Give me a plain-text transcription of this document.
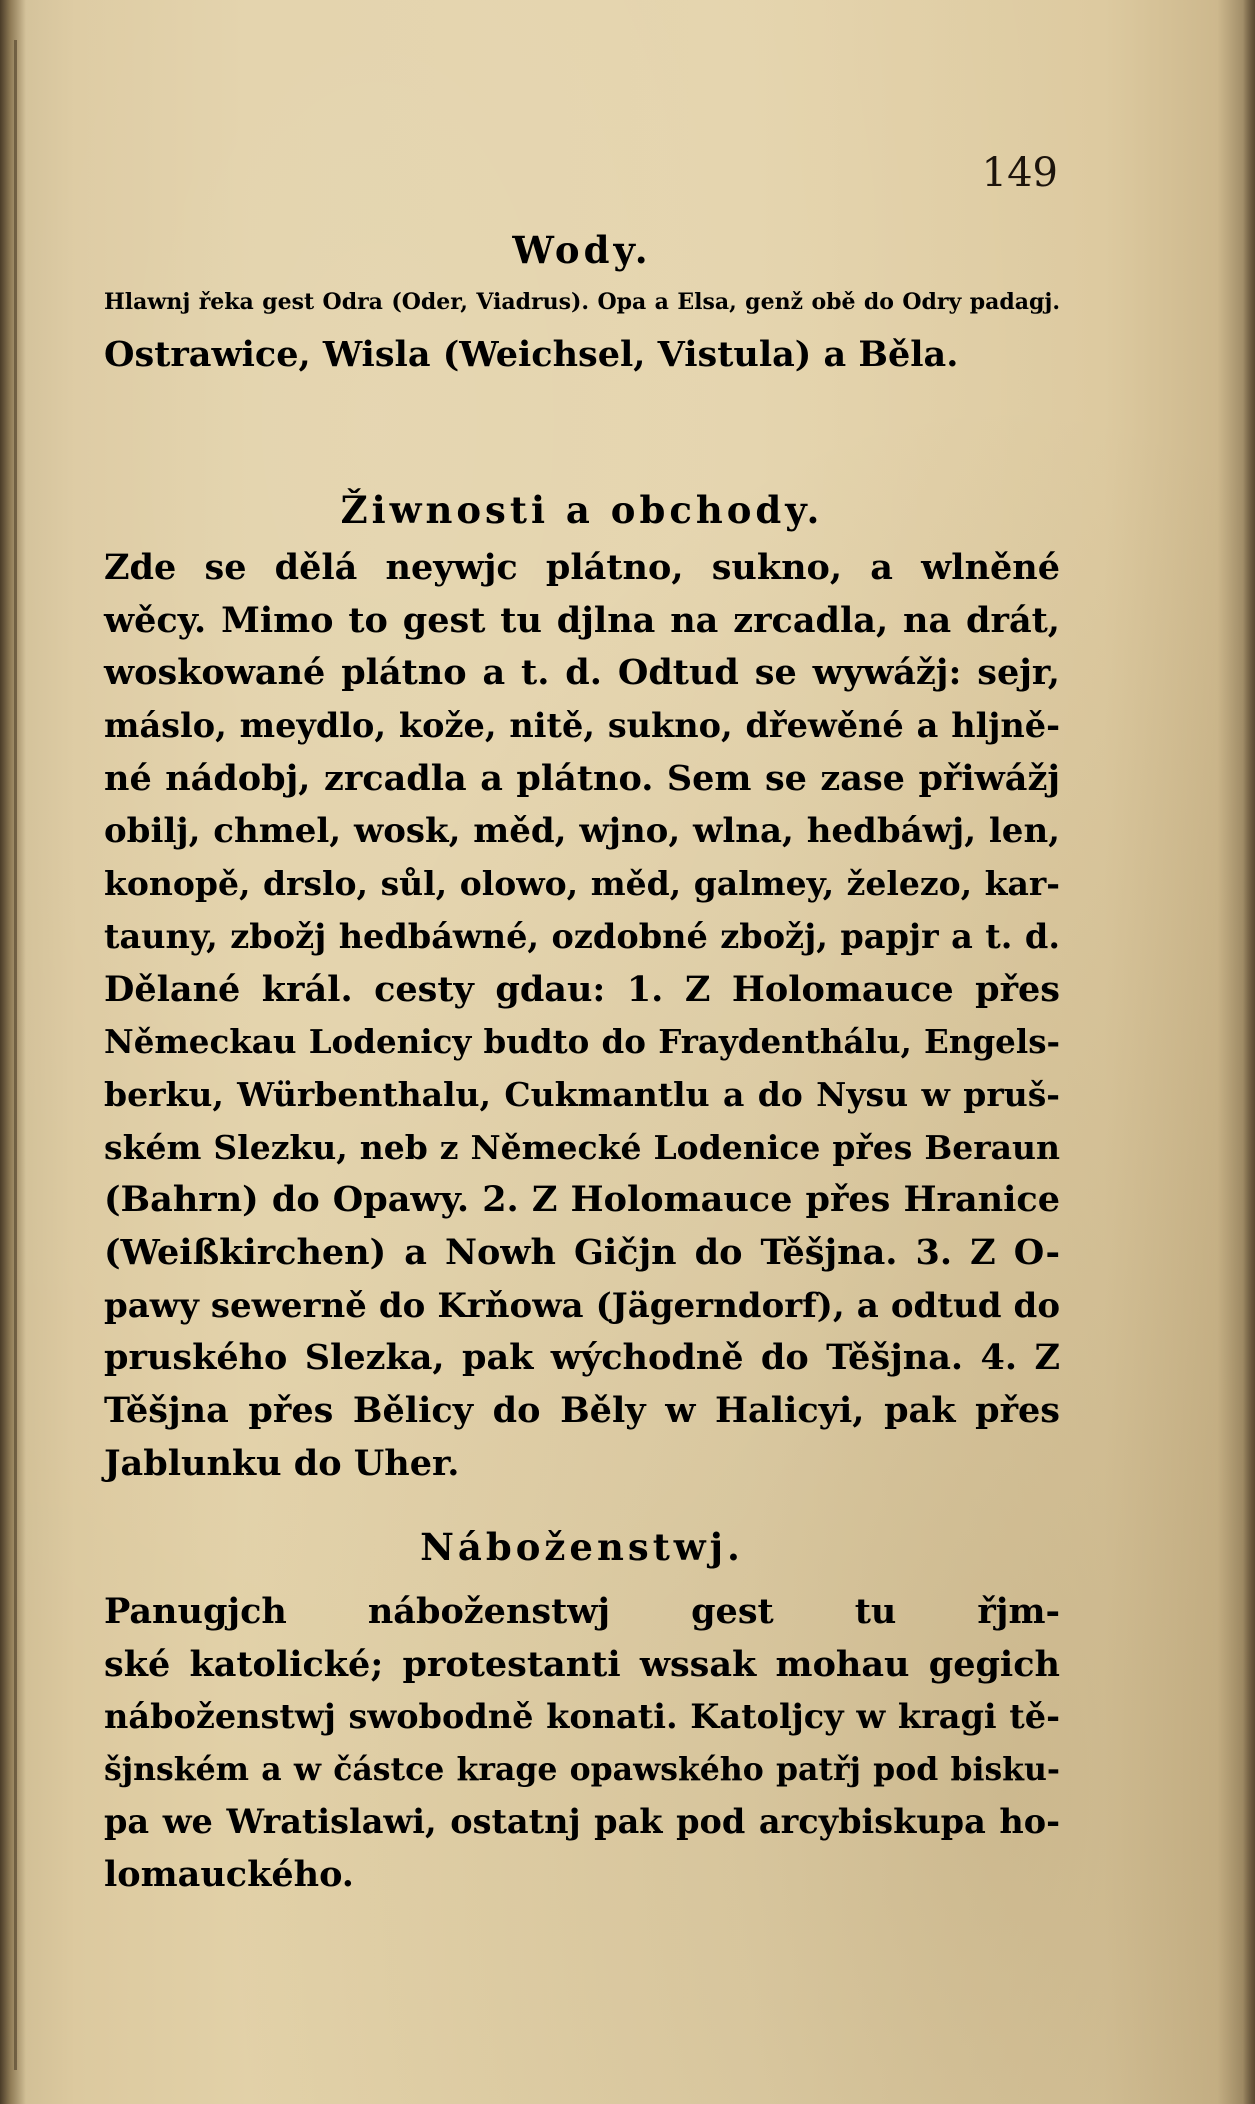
149
Wody.
Hlawnj řeka gest Odra (Oder, Viadrus). Opa a Elsa, genž obě do Odry padagj.
Ostrawice, Wisla (Weichsel, Vistula) a Běla.
Žiwnosti a obchody.
Zde se dělá neywjc plátno, sukno, a wlněné
wěcy. Mimo to gest tu djlna na zrcadla, na drát,
woskowané plátno a t. d. Odtud se wywážj: sejr,
máslo, meydlo, kože, nitě, sukno, dřewěné a hljně-
né nádobj, zrcadla a plátno. Sem se zase přiwážj
obilj, chmel, wosk, měd, wjno, wlna, hedbáwj, len,
konopě, drslo, sůl, olowo, měd, galmey, železo, kar-
tauny, zbožj hedbáwné, ozdobné zbožj, papjr a t. d.
Dělané král. cesty gdau: 1. Z Holomauce přes
Německau Lodenicy budto do Fraydenthálu, Engels-
berku, Würbenthalu, Cukmantlu a do Nysu w pruš-
ském Slezku, neb z Německé Lodenice přes Beraun
(Bahrn) do Opawy. 2. Z Holomauce přes Hranice
(Weißkirchen) a Nowh Gičjn do Těšjna. 3. Z O-
pawy sewerně do Krňowa (Jägerndorf), a odtud do
pruského Slezka, pak wýchodně do Těšjna. 4. Z
Těšjna přes Bělicy do Běly w Halicyi, pak přes
Jablunku do Uher.
Náboženstwj.
Panugjch náboženstwj gest tu řjm-
ské katolické; protestanti wssak mohau gegich
náboženstwj swobodně konati. Katoljcy w kragi tě-
šjnském a w částce krage opawského patřj pod bisku-
pa we Wratislawi, ostatnj pak pod arcybiskupa ho-
lomauckého.
